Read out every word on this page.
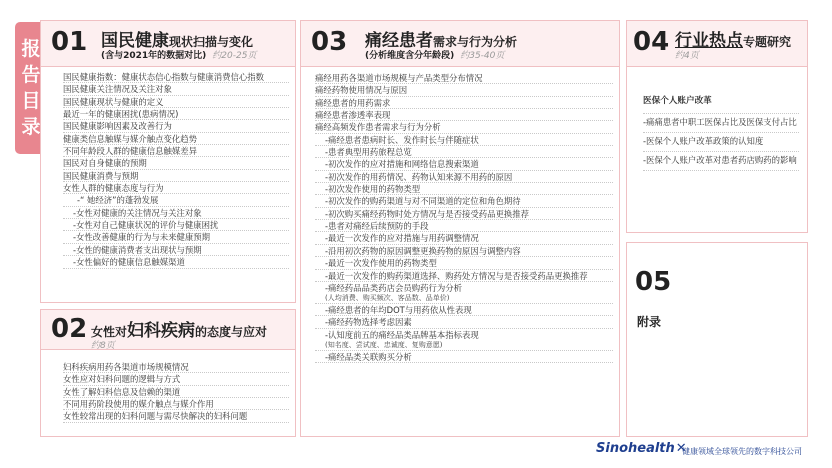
报
告
目
录
01 国民健康现状扫描与变化
(含与2021年的数据对比) 约20-25页
国民健康指数：健康状态信心指数与健康消费信心指数
国民健康关注情况及关注对象
国民健康现状与健康的定义
最近一年的健康困扰(患病情况)
国民健康影响因素及改善行为
健康类信息触媒与媒介触点变化趋势
不同年龄段人群的健康信息触媒差异
国民对自身健康的预期
国民健康消费与预期
女性人群的健康态度与行为
-“ 她经济”的蓬勃发展
-女性对健康的关注情况与关注对象
-女性对自己健康状况的评价与健康困扰
-女性改善健康的行为与未来健康预期
-女性的健康消费者支出现状与预期
-女性偏好的健康信息触媒渠道
02 女性对妇科疾病的态度与应对
约8页
妇科疾病用药各渠道市场规模情况
女性应对妇科问题的逻辑与方式
女性了解妇科信息及信赖的渠道
不同用药阶段使用的媒介触点与媒介作用
女性较常出现的妇科问题与需尽快解决的妇科问题
03 痛经患者需求与行为分析
(分析维度含分年龄段) 约35-40页
痛经用药各渠道市场规模与产品类型分布情况
痛经药物使用情况与原因
痛经患者的用药需求
痛经患者渗透率表现
痛经高频发作患者需求与行为分析
-痛经患者患病时长、发作时长与伴随症状
-患者典型用药旅程总览
-初次发作的应对措施和网络信息搜索渠道
-初次发作的用药情况、药物认知来源不用药的原因
-初次发作使用的药物类型
-初次发作的购药渠道与对不同渠道的定位和角色期待
-初次购买痛经药物时处方情况与是否接受药品更换推荐
-患者对痛经后续预防的手段
-最近一次发作的应对措施与用药调整情况
-沿用初次药物的原因调整更换药物的原因与调整内容
-最近一次发作使用的药物类型
-最近一次发作的购药渠道选择、购药处方情况与是否接受药品更换推荐
-痛经药品品类药店会员购药行为分析
(人均消费、购买频次、客品数、品单价)
-痛经患者的年均DOT与用药依从性表现
-痛经药物选择考虑因素
-认知度前五的痛经品类品牌基本指标表现
(知名度、尝试度、忠诚度、复购意愿)
-痛经品类关联购买分析
04 行业热点专题研究
约4页
医保个人账户改革
-痛痛患者中职工医保占比及医保支付占比
-医保个人账户改革政策的认知度
-医保个人账户改革对患者药店购药的影响
05
附录
Sinohealth✕
健康领域全球领先的数字科技公司
